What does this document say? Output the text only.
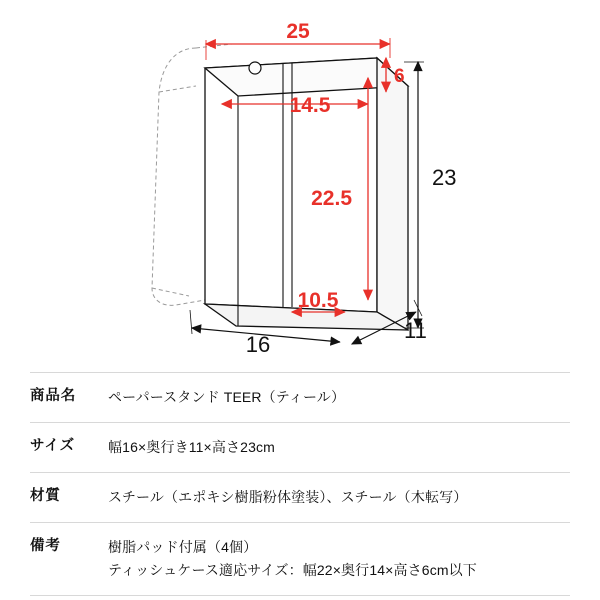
25
6
14.5
22.5
10.5
23
16
11
商品名	ペーパースタンド TEER（ティール）
サイズ	幅16×奥行き11×高さ23cm
材質	スチール（エポキシ樹脂粉体塗装）、スチール（木転写）
備考	樹脂パッド付属（4個）
ティッシュケース適応サイズ：幅22×奥行14×高さ6cm以下
